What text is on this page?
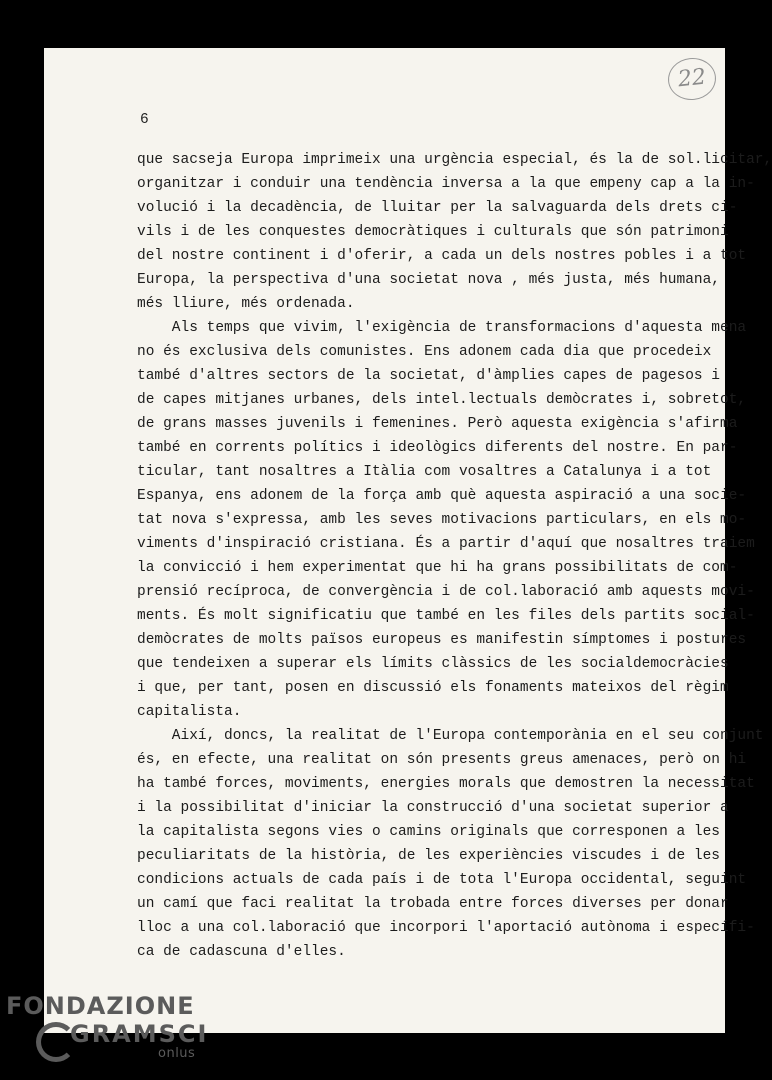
22
6
que sacseja Europa imprimeix una urgència especial, és la de sol.licitar,
organitzar i conduir una tendència inversa a la que empeny cap a la in-
volució i la decadència, de lluitar per la salvaguarda dels drets ci-
vils i de les conquestes democràtiques i culturals que són patrimoni
del nostre continent i d'oferir, a cada un dels nostres pobles i a tot
Europa, la perspectiva d'una societat nova , més justa, més humana,
més lliure, més ordenada.
Als temps que vivim, l'exigència de transformacions d'aquesta mena
no és exclusiva dels comunistes. Ens adonem cada dia que procedeix
també d'altres sectors de la societat, d'àmplies capes de pagesos i
de capes mitjanes urbanes, dels intel.lectuals demòcrates i, sobretot,
de grans masses juvenils i femenines. Però aquesta exigència s'afirma
també en corrents polítics i ideològics diferents del nostre. En par-
ticular, tant nosaltres a Itàlia com vosaltres a Catalunya i a tot
Espanya, ens adonem de la força amb què aquesta aspiració a una socie-
tat nova s'expressa, amb les seves motivacions particulars, en els mo-
viments d'inspiració cristiana. És a partir d'aquí que nosaltres traiem
la convicció i hem experimentat que hi ha grans possibilitats de com-
prensió recíproca, de convergència i de col.laboració amb aquests movi-
ments. És molt significatiu que també en les files dels partits social-
demòcrates de molts països europeus es manifestin símptomes i postures
que tendeixen a superar els límits clàssics de les socialdemocràcies
i que, per tant, posen en discussió els fonaments mateixos del règim
capitalista.
Així, doncs, la realitat de l'Europa contemporània en el seu conjunt
és, en efecte, una realitat on són presents greus amenaces, però on hi
ha també forces, moviments, energies morals que demostren la necessitat
i la possibilitat d'iniciar la construcció d'una societat superior a
la capitalista segons vies o camins originals que corresponen a les
peculiaritats de la història, de les experiències viscudes i de les
condicions actuals de cada país i de tota l'Europa occidental, seguint
un camí que faci realitat la trobada entre forces diverses per donar
lloc a una col.laboració que incorpori l'aportació autònoma i específi-
ca de cadascuna d'elles.
FONDAZIONE
GRAMSCI
onlus
